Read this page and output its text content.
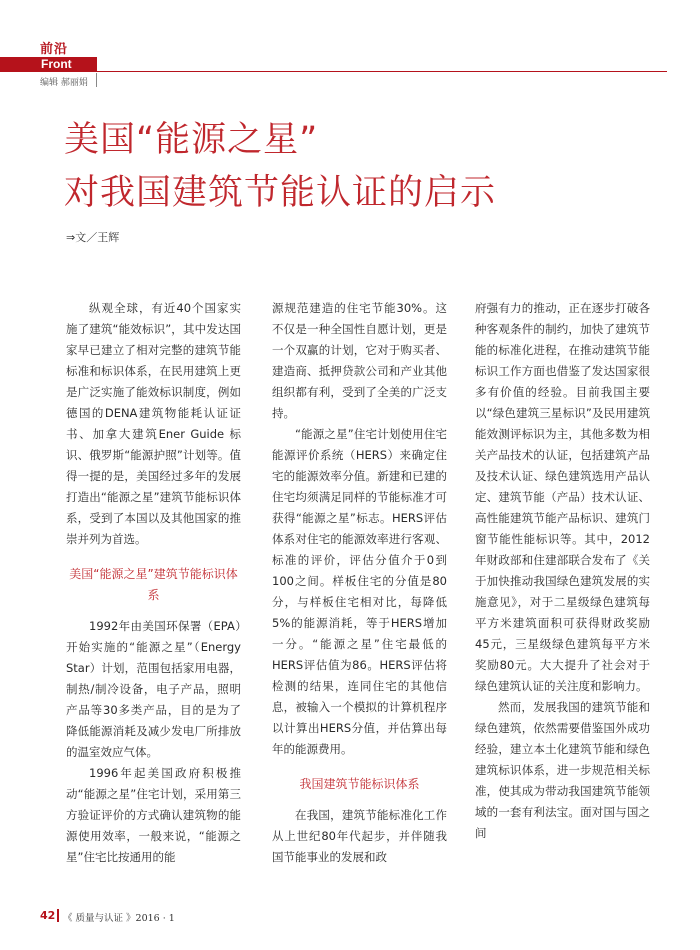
前沿
Front
编辑 郝丽娟
美国“能源之星”
对我国建筑节能认证的启示
⇒文／王辉

纵观全球，有近40个国家实施了建筑“能效标识”，其中发达国家早已建立了相对完整的建筑节能标准和标识体系，在民用建筑上更是广泛实施了能效标识制度，例如德国的DENA建筑物能耗认证证书、加拿大建筑Ener Guide 标识、俄罗斯“能源护照”计划等。值得一提的是，美国经过多年的发展打造出“能源之星”建筑节能标识体系，受到了本国以及其他国家的推崇并列为首选。

美国“能源之星”建筑节能标识体系

1992年由美国环保署（EPA）开始实施的“能源之星”（Energy Star）计划，范围包括家用电器，制热/制冷设备，电子产品，照明产品等30多类产品，目的是为了降低能源消耗及减少发电厂所排放的温室效应气体。

1996年起美国政府积极推动“能源之星”住宅计划，采用第三方验证评价的方式确认建筑物的能源使用效率，一般来说，“能源之星”住宅比按通用的能

源规范建造的住宅节能30%。这不仅是一种全国性自愿计划，更是一个双赢的计划，它对于购买者、建造商、抵押贷款公司和产业其他组织都有利，受到了全美的广泛支持。

“能源之星”住宅计划使用住宅能源评价系统（HERS）来确定住宅的能源效率分值。新建和已建的住宅均须满足同样的节能标准才可获得“能源之星”标志。HERS评估体系对住宅的能源效率进行客观、标准的评价，评估分值介于0到100之间。样板住宅的分值是80分，与样板住宅相对比，每降低5%的能源消耗，等于HERS增加一分。“能源之星”住宅最低的HERS评估值为86。HERS评估将检测的结果，连同住宅的其他信息，被输入一个模拟的计算机程序以计算出HERS分值，并估算出每年的能源费用。

我国建筑节能标识体系

在我国，建筑节能标准化工作从上世纪80年代起步，并伴随我国节能事业的发展和政

府强有力的推动，正在逐步打破各种客观条件的制约，加快了建筑节能的标准化进程，在推动建筑节能标识工作方面也借鉴了发达国家很多有价值的经验。目前我国主要以“绿色建筑三星标识”及民用建筑能效测评标识为主，其他多数为相关产品技术的认证，包括建筑产品及技术认证、绿色建筑选用产品认定、建筑节能（产品）技术认证、高性能建筑节能产品标识、建筑门窗节能性能标识等。其中，2012年财政部和住建部联合发布了《关于加快推动我国绿色建筑发展的实施意见》，对于二星级绿色建筑每平方米建筑面积可获得财政奖励45元，三星级绿色建筑每平方米奖励80元。大大提升了社会对于绿色建筑认证的关注度和影响力。

然而，发展我国的建筑节能和绿色建筑，依然需要借鉴国外成功经验，建立本土化建筑节能和绿色建筑标识体系，进一步规范相关标准，使其成为带动我国建筑节能领域的一套有利法宝。面对国与国之间

42 《 质量与认证 》2016 · 1
